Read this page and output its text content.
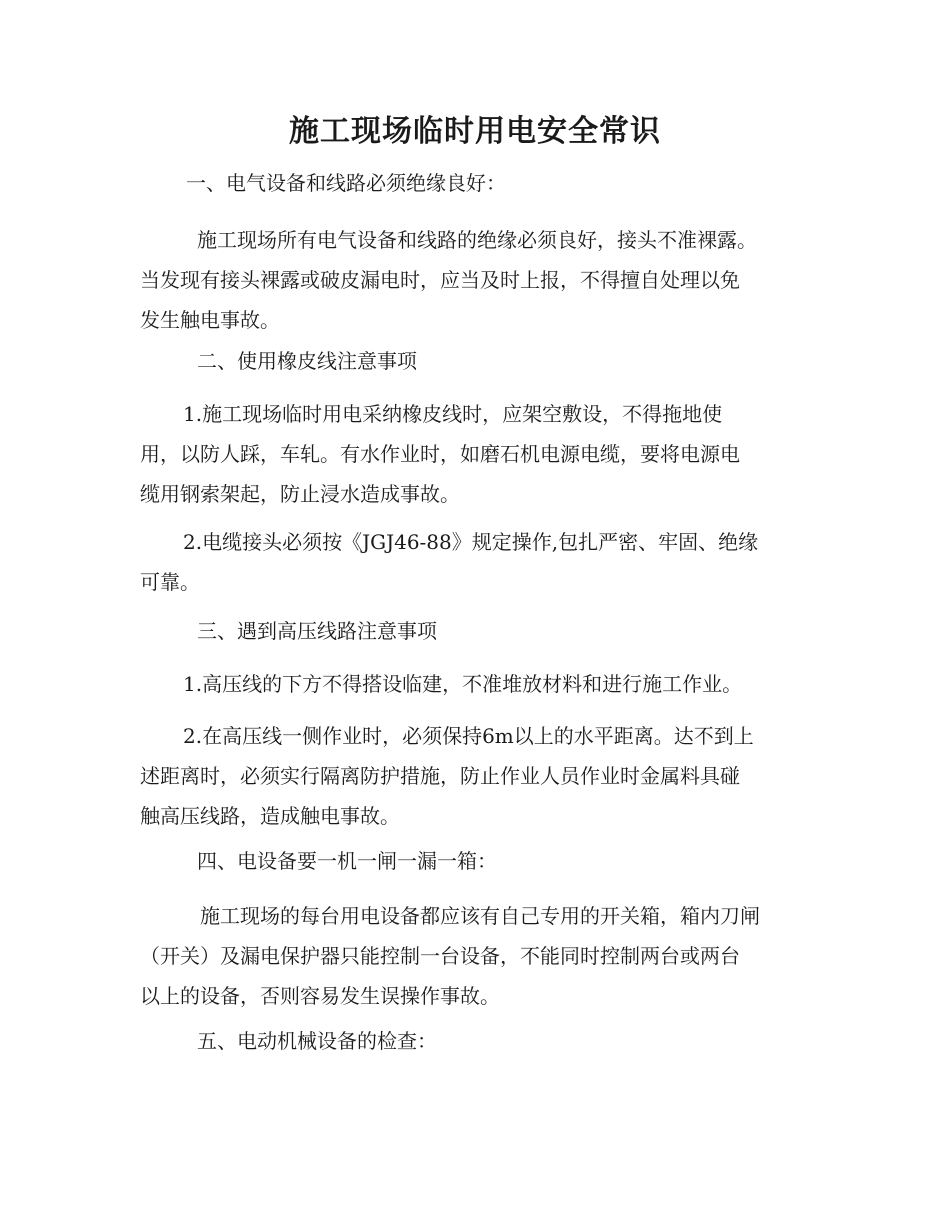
施工现场临时用电安全常识
一、电气设备和线路必须绝缘良好：
施工现场所有电气设备和线路的绝缘必须良好，接头不准裸露。
当发现有接头裸露或破皮漏电时，应当及时上报，不得擅自处理以免
发生触电事故。
二、使用橡皮线注意事项
1.施工现场临时用电采纳橡皮线时，应架空敷设，不得拖地使
用，以防人踩，车轧。有水作业时，如磨石机电源电缆，要将电源电
缆用钢索架起，防止浸水造成事故。
2.电缆接头必须按《JGJ46-88》规定操作,包扎严密、牢固、绝缘
可靠。
三、遇到高压线路注意事项
1.高压线的下方不得搭设临建，不准堆放材料和进行施工作业。
2.在高压线一侧作业时，必须保持6m以上的水平距离。达不到上
述距离时，必须实行隔离防护措施，防止作业人员作业时金属料具碰
触高压线路，造成触电事故。
四、电设备要一机一闸一漏一箱：
施工现场的每台用电设备都应该有自己专用的开关箱，箱内刀闸
（开关）及漏电保护器只能控制一台设备，不能同时控制两台或两台
以上的设备，否则容易发生误操作事故。
五、电动机械设备的检查：
